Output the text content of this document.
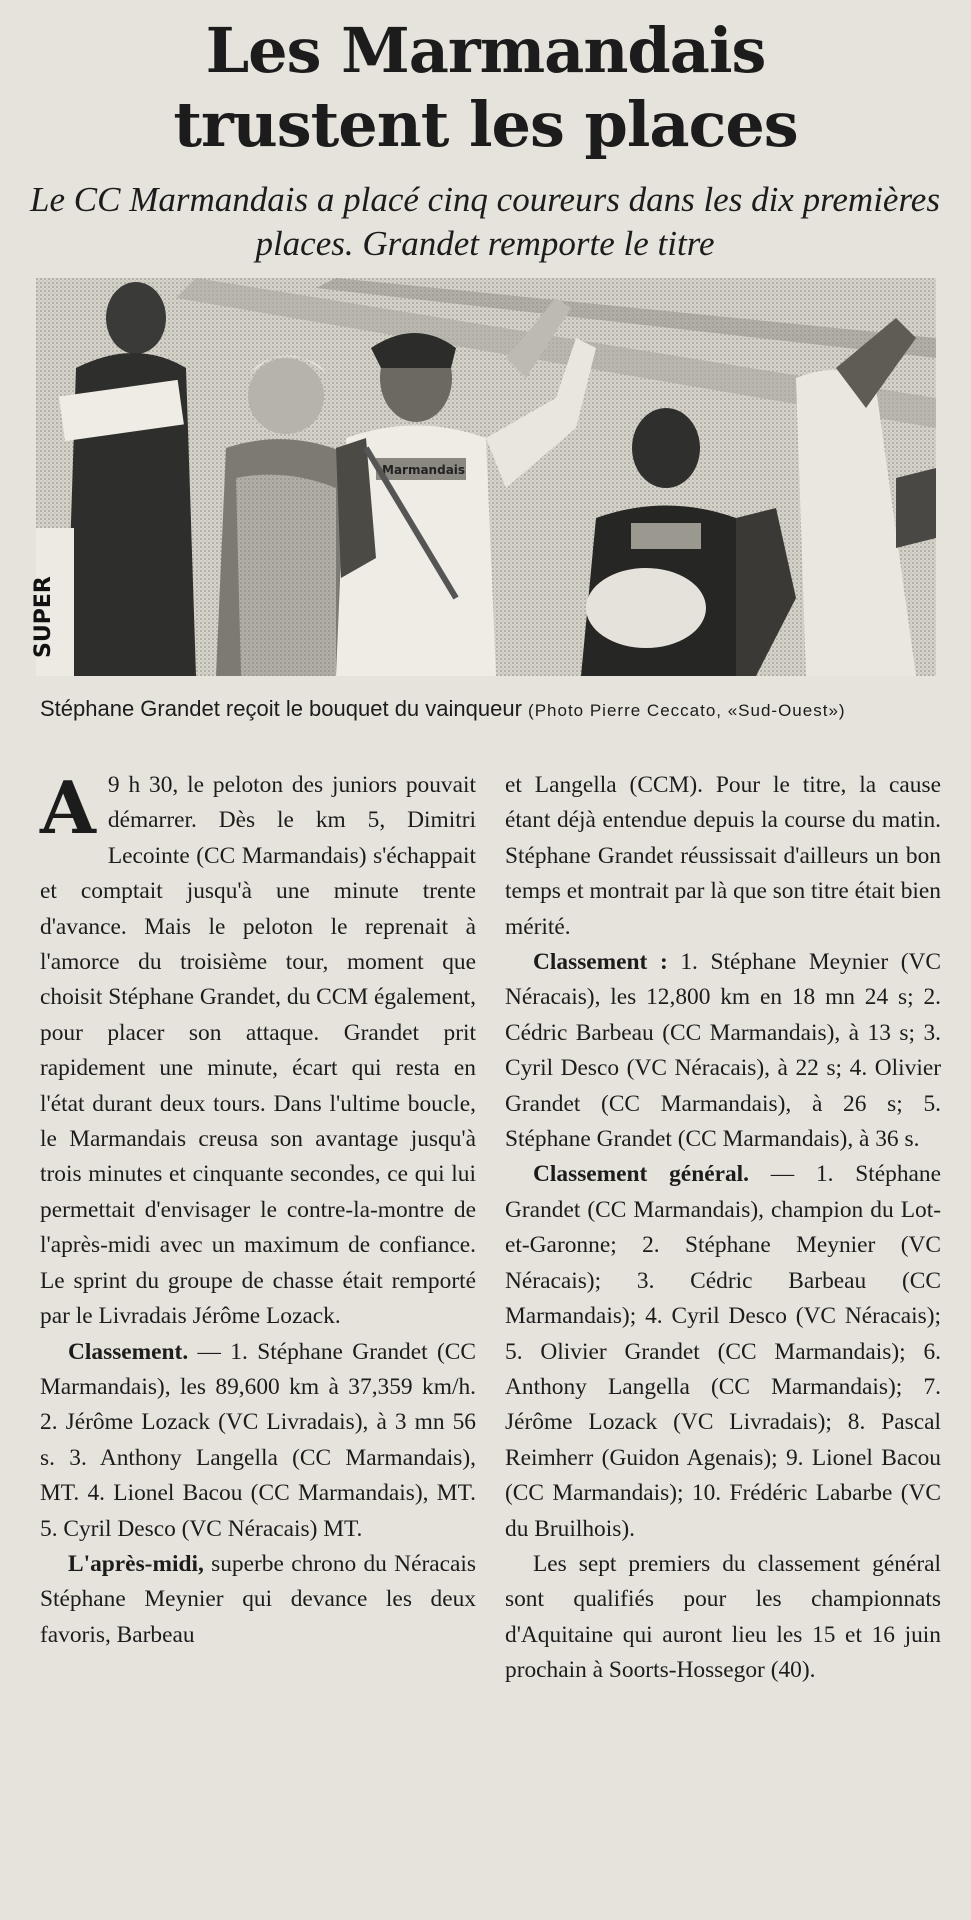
Les Marmandais
trustent les places
Le CC Marmandais a placé cinq coureurs dans les dix premières places. Grandet remporte le titre
SUPER
Marmandais
Stéphane Grandet reçoit le bouquet du vainqueur (Photo Pierre Ceccato, «Sud-Ouest»)

A 9 h 30, le peloton des juniors pouvait démarrer. Dès le km 5, Dimitri Lecointe (CC Marmandais) s'échappait et comptait jusqu'à une minute trente d'avance. Mais le peloton le reprenait à l'amorce du troisième tour, moment que choisit Stéphane Grandet, du CCM également, pour placer son attaque. Grandet prit rapidement une minute, écart qui resta en l'état durant deux tours. Dans l'ultime boucle, le Marmandais creusa son avantage jusqu'à trois minutes et cinquante secondes, ce qui lui permettait d'envisager le contre-la-montre de l'après-midi avec un maximum de confiance. Le sprint du groupe de chasse était remporté par le Livradais Jérôme Lozack.

Classement. — 1. Stéphane Grandet (CC Marmandais), les 89,600 km à 37,359 km/h. 2. Jérôme Lozack (VC Livradais), à 3 mn 56 s. 3. Anthony Langella (CC Marmandais), MT. 4. Lionel Bacou (CC Marmandais), MT. 5. Cyril Desco (VC Néracais) MT.

L'après-midi, superbe chrono du Néracais Stéphane Meynier qui devance les deux favoris, Barbeau

et Langella (CCM). Pour le titre, la cause étant déjà entendue depuis la course du matin. Stéphane Grandet réussissait d'ailleurs un bon temps et montrait par là que son titre était bien mérité.

Classement : 1. Stéphane Meynier (VC Néracais), les 12,800 km en 18 mn 24 s; 2. Cédric Barbeau (CC Marmandais), à 13 s; 3. Cyril Desco (VC Néracais), à 22 s; 4. Olivier Grandet (CC Marmandais), à 26 s; 5. Stéphane Grandet (CC Marmandais), à 36 s.

Classement général. — 1. Stéphane Grandet (CC Marmandais), champion du Lot-et-Garonne; 2. Stéphane Meynier (VC Néracais); 3. Cédric Barbeau (CC Marmandais); 4. Cyril Desco (VC Néracais); 5. Olivier Grandet (CC Marmandais); 6. Anthony Langella (CC Marmandais); 7. Jérôme Lozack (VC Livradais); 8. Pascal Reimherr (Guidon Agenais); 9. Lionel Bacou (CC Marmandais); 10. Frédéric Labarbe (VC du Bruilhois).

Les sept premiers du classement général sont qualifiés pour les championnats d'Aquitaine qui auront lieu les 15 et 16 juin prochain à Soorts-Hossegor (40).
